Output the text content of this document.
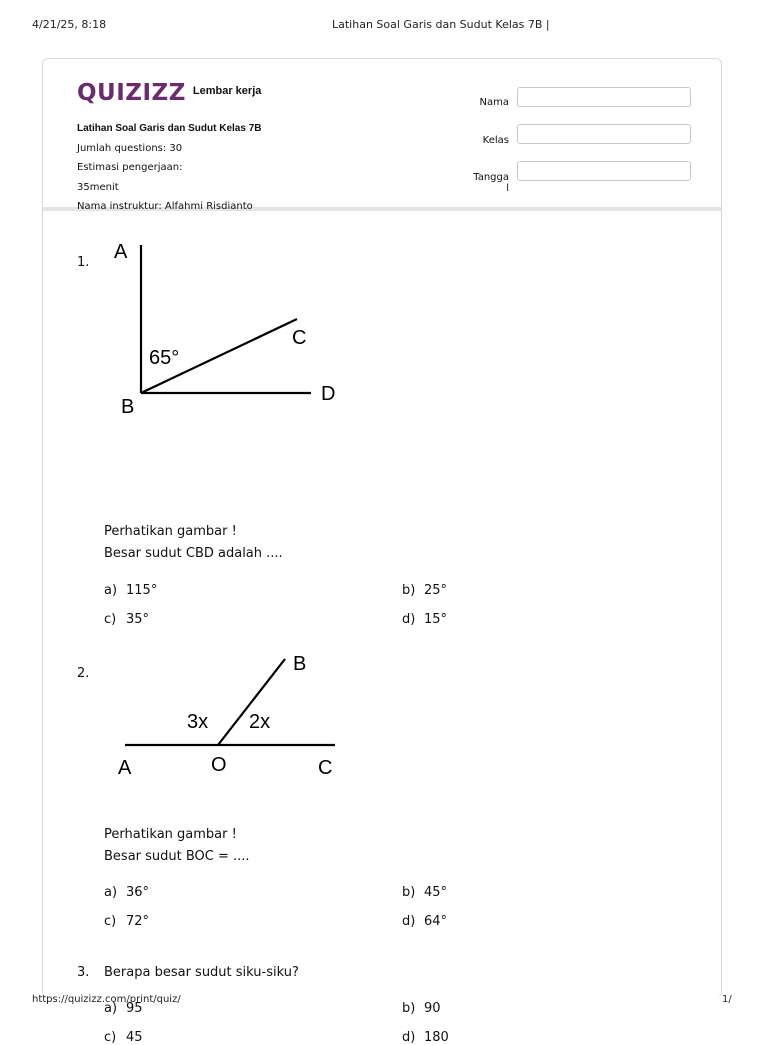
4/21/25, 8:18	Latihan Soal Garis dan Sudut Kelas 7B |
QUIZIZZ Lembar kerja
Latihan Soal Garis dan Sudut Kelas 7B
Jumlah questions: 30
Estimasi pengerjaan:
35menit
Nama instruktur: Alfahmi Risdianto
Nama
Kelas
Tangga
l
1. A
B
C
D
65°
Perhatikan gambar !
Besar sudut CBD adalah ....
a) 115°	b) 25°
c) 35°	d) 15°
2.
A	O
B
C
3x 2x
Perhatikan gambar !
Besar sudut BOC = ....
a) 36°	b) 45°
c) 72°	d) 64°
3. Berapa besar sudut siku-siku?
a) 95	b) 90
c) 45	d) 180
https://quizizz.com/print/quiz/	1/
